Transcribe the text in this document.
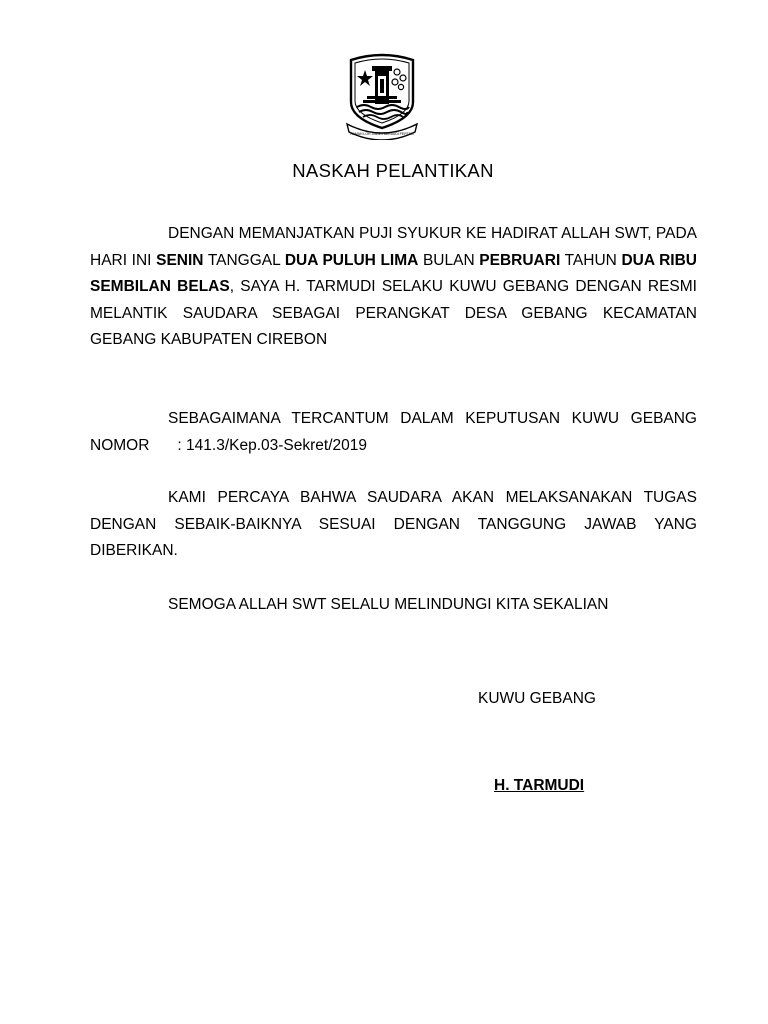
RAMAH LOH JINAWI BERBUDI PERTIWI
NASKAH PELANTIKAN

DENGAN MEMANJATKAN PUJI SYUKUR KE HADIRAT ALLAH SWT, PADA HARI INI SENIN TANGGAL DUA PULUH LIMA BULAN PEBRUARI TAHUN DUA RIBU SEMBILAN BELAS, SAYA H. TARMUDI SELAKU KUWU GEBANG DENGAN RESMI MELANTIK SAUDARA SEBAGAI PERANGKAT DESA GEBANG KECAMATAN GEBANG KABUPATEN CIREBON

SEBAGAIMANA TERCANTUM DALAM KEPUTUSAN KUWU GEBANG NOMOR : 141.3/Kep.03-Sekret/2019

KAMI PERCAYA BAHWA SAUDARA AKAN MELAKSANAKAN TUGAS DENGAN SEBAIK-BAIKNYA SESUAI DENGAN TANGGUNG JAWAB YANG DIBERIKAN.

SEMOGA ALLAH SWT SELALU MELINDUNGI KITA SEKALIAN

KUWU GEBANG
H. TARMUDI
